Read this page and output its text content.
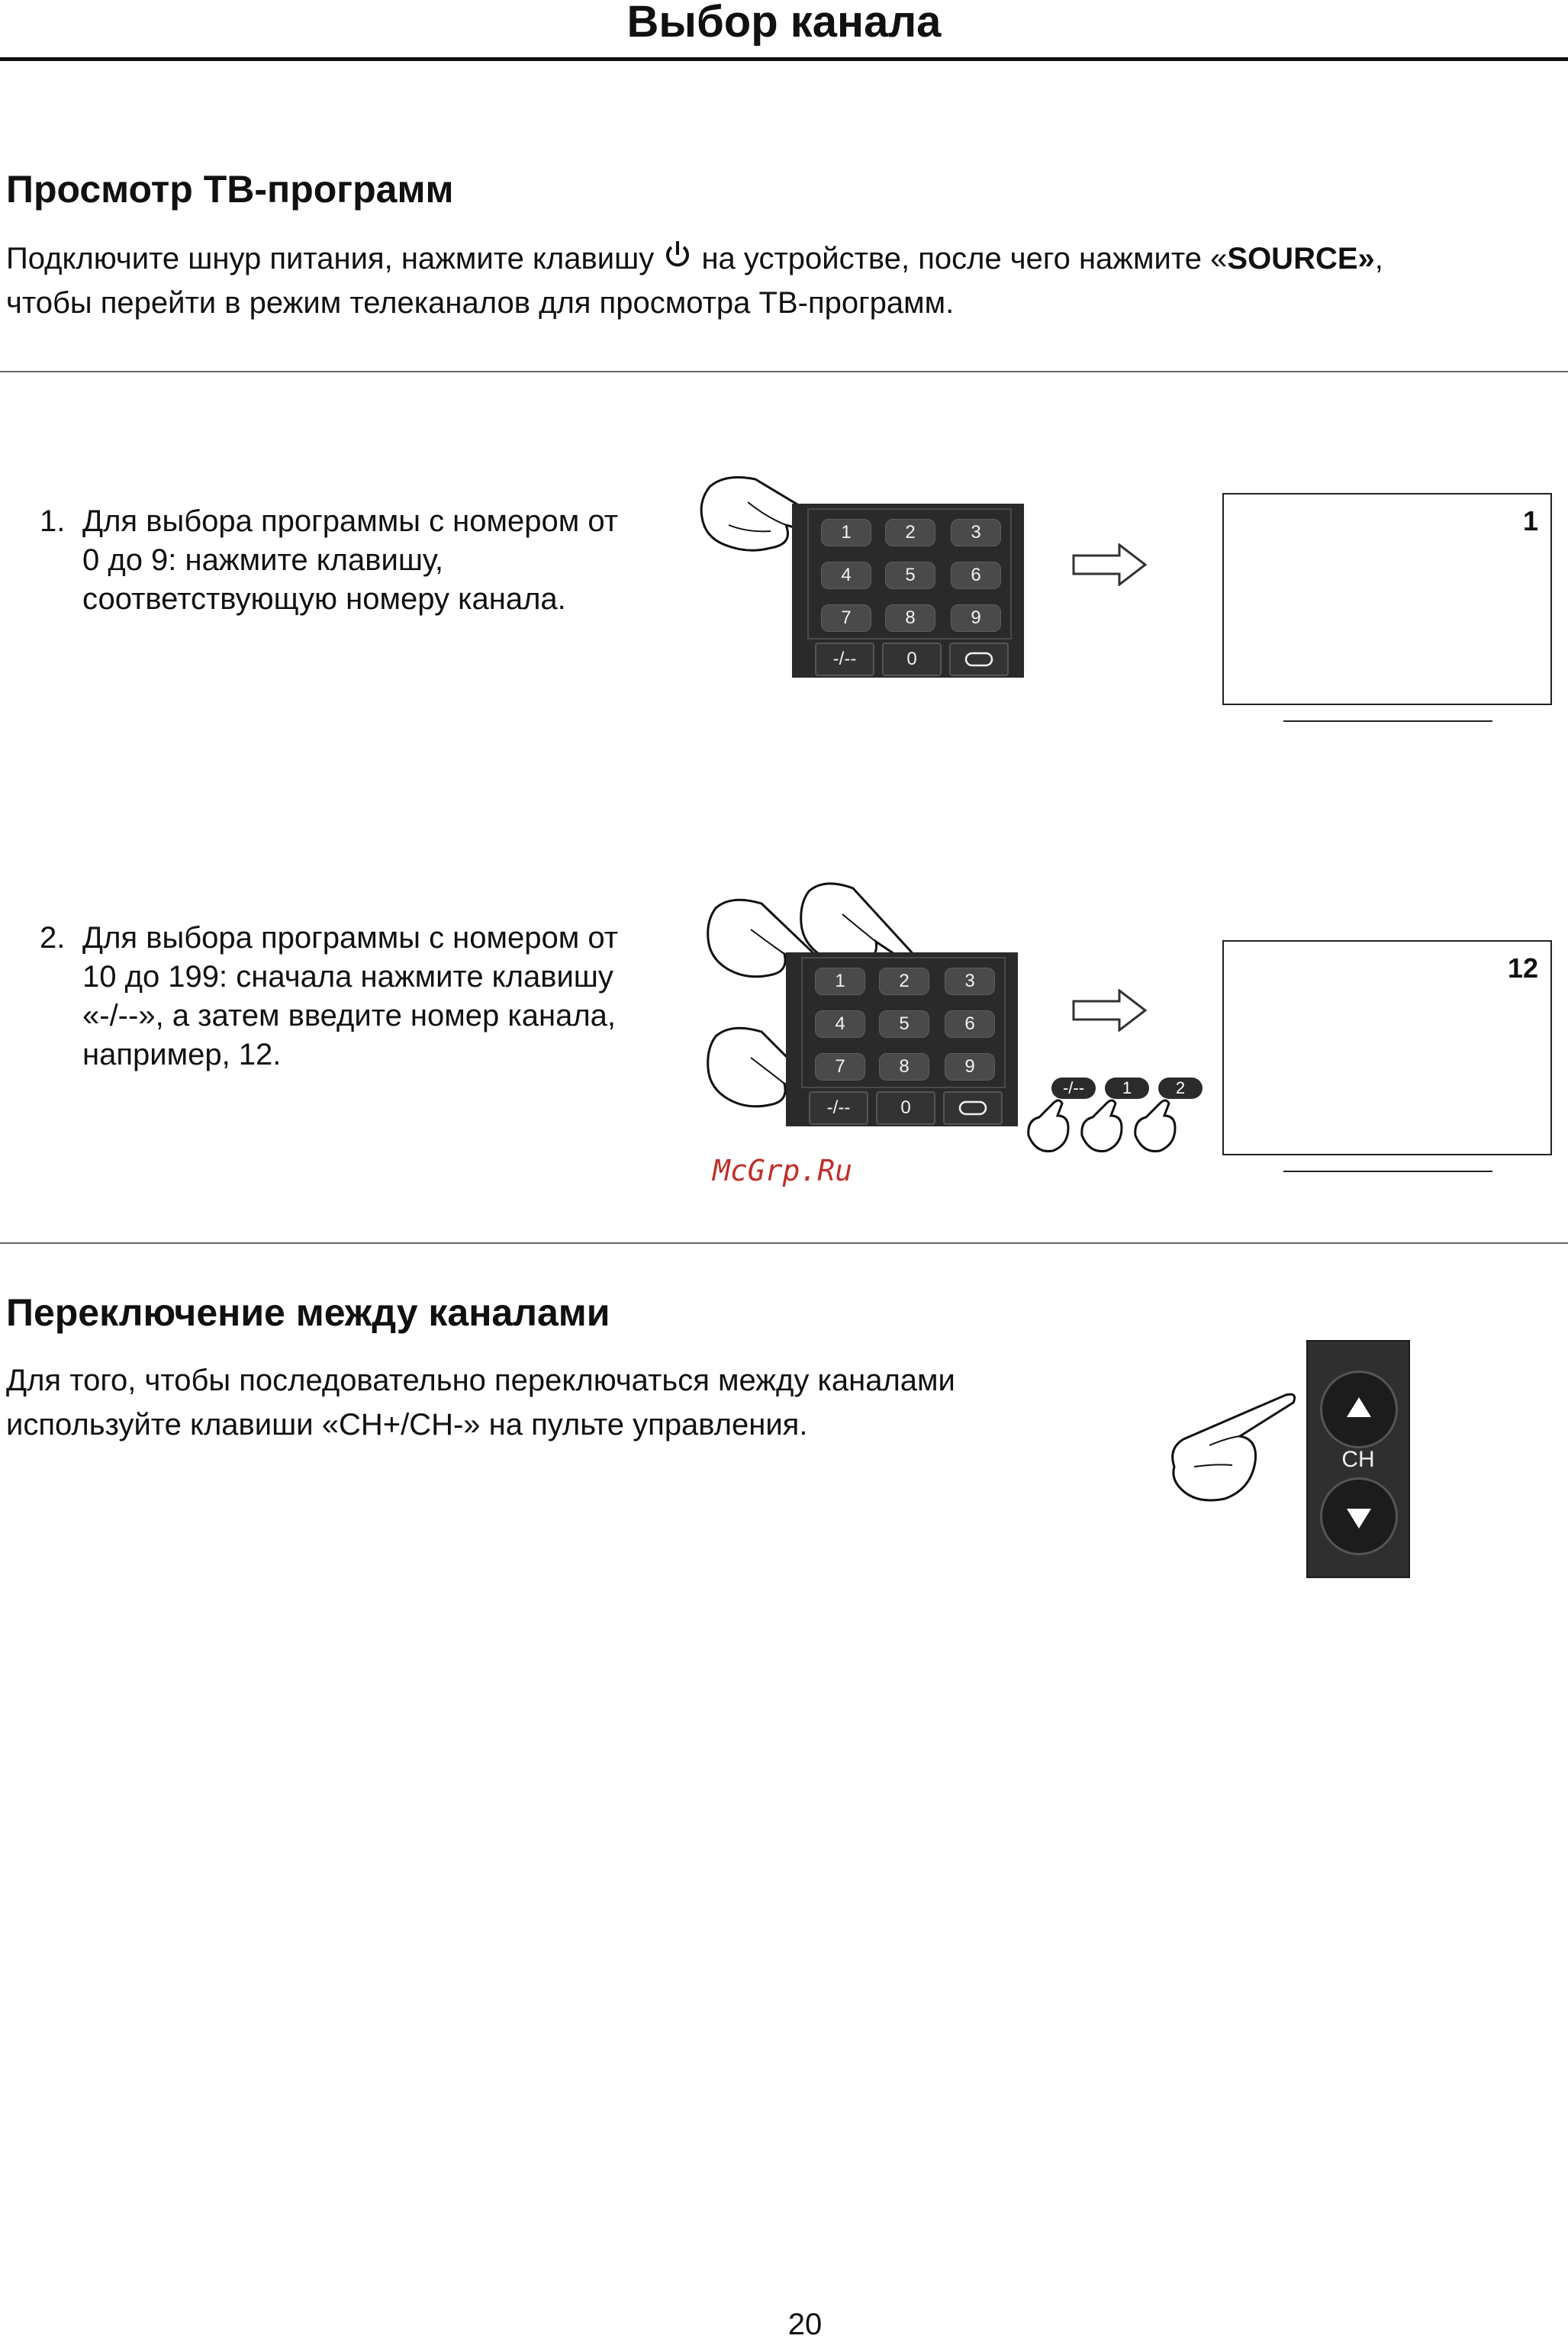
Выбор канала
Просмотр ТВ-программ
Подключите шнур питания, нажмите клавишу на устройстве, после чего нажмите «SOURCE»,
чтобы перейти в режим телеканалов для просмотра ТВ-программ.
1. Для выбора программы с номером от
0 до 9: нажмите клавишу,
соответствующую номеру канала.
1	2	3
4	5	6
7	8	9
-/--	0
1
2. Для выбора программы с номером от
10 до 199: сначала нажмите клавишу
«-/--», а затем введите номер канала,
например, 12.
1	2	3
4	5	6
7	8	9
-/--	0
-/--	1	2
12
McGrp.Ru
Переключение между каналами
Для того, чтобы последовательно переключаться между каналами
используйте клавиши «CH+/CH-» на пульте управления.
CH
20
